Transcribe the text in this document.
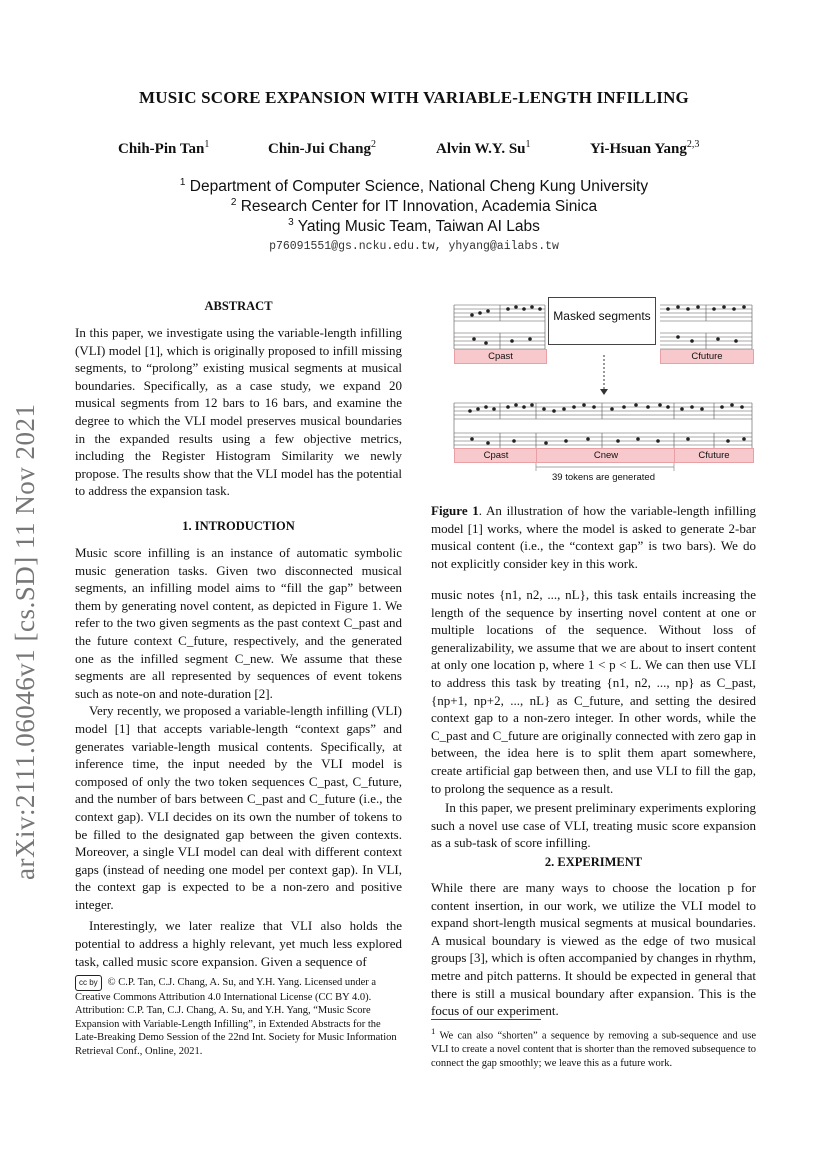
MUSIC SCORE EXPANSION WITH VARIABLE-LENGTH INFILLING
Chih-Pin Tan$^1$	Chin-Jui Chang$^2$	Alvin W.Y. Su$^1$	Yi-Hsuan Yang$^{2,3}$
$^1$ Department of Computer Science, National Cheng Kung University
$^2$ Research Center for IT Innovation, Academia Sinica
$^3$ Yating Music Team, Taiwan AI Labs
p76091551@gs.ncku.edu.tw, yhyang@ailabs.tw
arXiv:2111.06046v1 [cs.SD] 11 Nov 2021
ABSTRACT
In this paper, we investigate using the variable-length infilling (VLI) model [1], which is originally proposed to infill missing segments, to “prolong” existing musical segments at musical boundaries. Specifically, as a case study, we expand 20 musical segments from 12 bars to 16 bars, and examine the degree to which the VLI model preserves musical boundaries in the expanded results using a few objective metrics, including the Register Histogram Similarity we newly propose. The results show that the VLI model has the potential to address the expansion task.
1. INTRODUCTION

Music score infilling is an instance of automatic symbolic music generation tasks. Given two disconnected musical segments, an infilling model aims to “fill the gap” between them by generating novel content, as depicted in Figure 1. We refer to the two given segments as the past context C_past and the future context C_future, respectively, and the generated one as the infilled segment C_new. We assume that these segments are all represented by sequences of event tokens such as note-on and note-duration [2].

Very recently, we proposed a variable-length infilling (VLI) model [1] that accepts variable-length “context gaps” and generates variable-length musical contents. Specifically, at inference time, the input needed by the VLI model is composed of only the two token sequences C_past, C_future, and the number of bars between C_past and C_future (i.e., the context gap). VLI decides on its own the number of tokens to be filled to the designated gap between the given contexts. Moreover, a single VLI model can deal with different context gaps (instead of needing one model per context gap). In VLI, the context gap is expected to be a non-zero and positive integer.

Interestingly, we later realize that VLI also holds the potential to address a highly relevant, yet much less explored task, called music score expansion. Given a sequence of

cc by © C.P. Tan, C.J. Chang, A. Su, and Y.H. Yang. Licensed under a Creative Commons Attribution 4.0 International License (CC BY 4.0). Attribution: C.P. Tan, C.J. Chang, A. Su, and Y.H. Yang, “Music Score Expansion with Variable-Length Infilling”, in Extended Abstracts for the Late-Breaking Demo Session of the 22nd Int. Society for Music Information Retrieval Conf., Online, 2021.
Masked segments
Cpast	Cfuture
Cpast	Cnew	Cfuture
39 tokens are generated
Figure 1. An illustration of how the variable-length infilling model [1] works, where the model is asked to generate 2-bar musical content (i.e., the “context gap” is two bars). We do not explicitly consider key in this work.

music notes {n1, n2, ..., nL}, this task entails increasing the length of the sequence by inserting novel content at one or multiple locations of the sequence. Without loss of generalizability, we assume that we are about to insert content at only one location p, where 1 < p < L. We can then use VLI to address this task by treating {n1, n2, ..., np} as C_past, {np+1, np+2, ..., nL} as C_future, and setting the desired context gap to a non-zero integer. In other words, while the C_past and C_future are originally connected with zero gap in between, the idea here is to split them apart somewhere, create artificial gap between then, and use VLI to fill the gap, to prolong the sequence as a result.

In this paper, we present preliminary experiments exploring such a novel use case of VLI, treating music score expansion as a sub-task of score infilling.

2. EXPERIMENT
While there are many ways to choose the location p for content insertion, in our work, we utilize the VLI model to expand short-length musical segments at musical boundaries. A musical boundary is viewed as the edge of two musical groups [3], which is often accompanied by changes in rhythm, metre and pitch patterns. It should be expected in general that there is still a musical boundary after expansion. This is the focus of our experiment.
$^1$ We can also “shorten” a sequence by removing a sub-sequence and use VLI to create a novel content that is shorter than the removed subsequence to connect the gap smoothly; we leave this as a future work.
